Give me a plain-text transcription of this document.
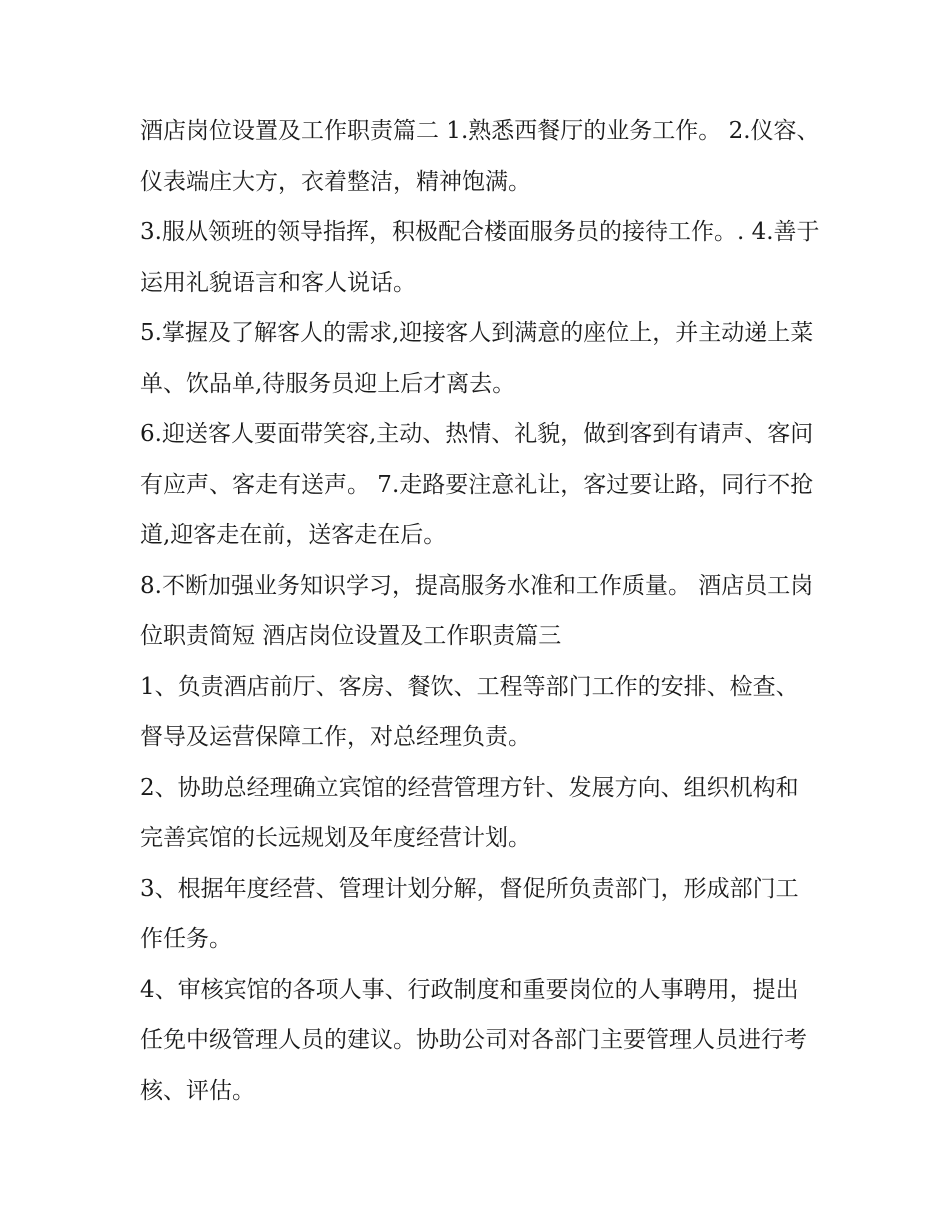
酒店岗位设置及工作职责篇二 1.熟悉西餐厅的业务工作。 2.仪容、仪表端庄大方，衣着整洁，精神饱满。

3.服从领班的领导指挥，积极配合楼面服务员的接待工作。. 4.善于运用礼貌语言和客人说话。

5.掌握及了解客人的需求,迎接客人到满意的座位上，并主动递上菜单、饮品单,待服务员迎上后才离去。

6.迎送客人要面带笑容,主动、热情、礼貌，做到客到有请声、客问有应声、客走有送声。 7.走路要注意礼让，客过要让路，同行不抢 道,迎客走在前，送客走在后。

8.不断加强业务知识学习，提高服务水准和工作质量。 酒店员工岗位职责简短 酒店岗位设置及工作职责篇三

1、负责酒店前厅、客房、餐饮、工程等部门工作的安排、检查、督导及运营保障工作，对总经理负责。

2、协助总经理确立宾馆的经营管理方针、发展方向、组织机构和完善宾馆的长远规划及年度经营计划。

3、根据年度经营、管理计划分解，督促所负责部门，形成部门工作任务。

4、审核宾馆的各项人事、行政制度和重要岗位的人事聘用，提出任免中级管理人员的建议。协助公司对各部门主要管理人员进行考核、评估。
